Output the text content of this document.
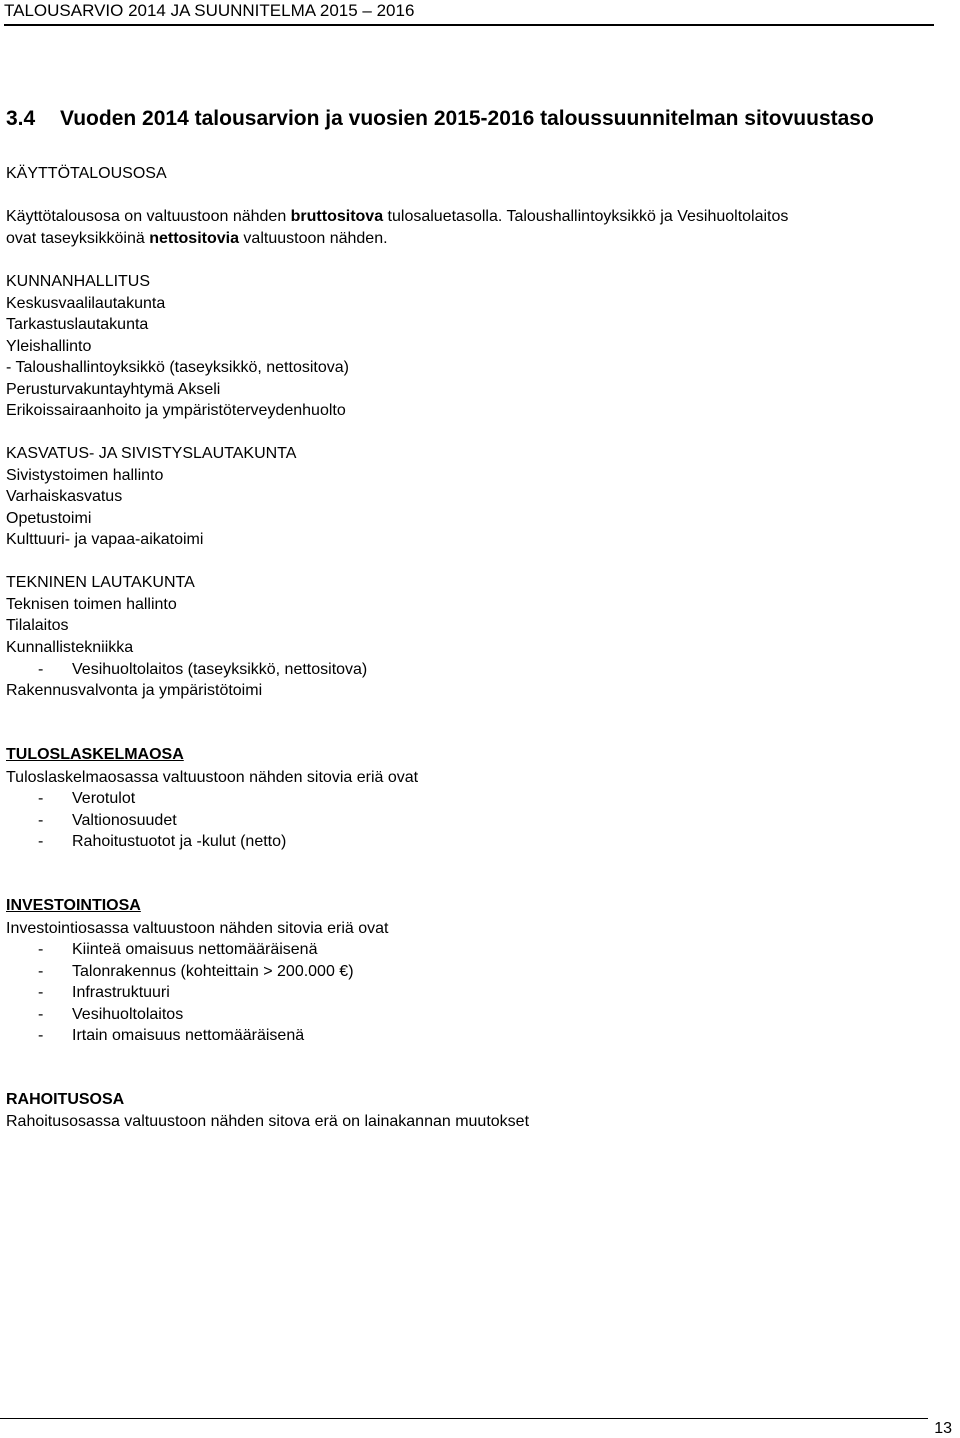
TALOUSARVIO 2014 JA SUUNNITELMA 2015 – 2016
3.4 Vuoden 2014 talousarvion ja vuosien 2015-2016 taloussuunnitelman sitovuustaso
KÄYTTÖTALOUSOSA
Käyttötalousosa on valtuustoon nähden bruttositova tulosaluetasolla. Taloushallintoyksikkö ja Vesihuoltolaitos
ovat taseyksikköinä nettositovia valtuustoon nähden.
KUNNANHALLITUS
Keskusvaalilautakunta
Tarkastuslautakunta
Yleishallinto
- Taloushallintoyksikkö (taseyksikkö, nettositova)
Perusturvakuntayhtymä Akseli
Erikoissairaanhoito ja ympäristöterveydenhuolto
KASVATUS- JA SIVISTYSLAUTAKUNTA
Sivistystoimen hallinto
Varhaiskasvatus
Opetustoimi
Kulttuuri- ja vapaa-aikatoimi
TEKNINEN LAUTAKUNTA
Teknisen toimen hallinto
Tilalaitos
Kunnallistekniikka
- Vesihuoltolaitos (taseyksikkö, nettositova)
Rakennusvalvonta ja ympäristötoimi
TULOSLASKELMAOSA
Tuloslaskelmaosassa valtuustoon nähden sitovia eriä ovat
- Verotulot
- Valtionosuudet
- Rahoitustuotot ja -kulut (netto)
INVESTOINTIOSA
Investointiosassa valtuustoon nähden sitovia eriä ovat
- Kiinteä omaisuus nettomääräisenä
- Talonrakennus (kohteittain > 200.000 €)
- Infrastruktuuri
- Vesihuoltolaitos
- Irtain omaisuus nettomääräisenä
RAHOITUSOSA
Rahoitusosassa valtuustoon nähden sitova erä on lainakannan muutokset
13
